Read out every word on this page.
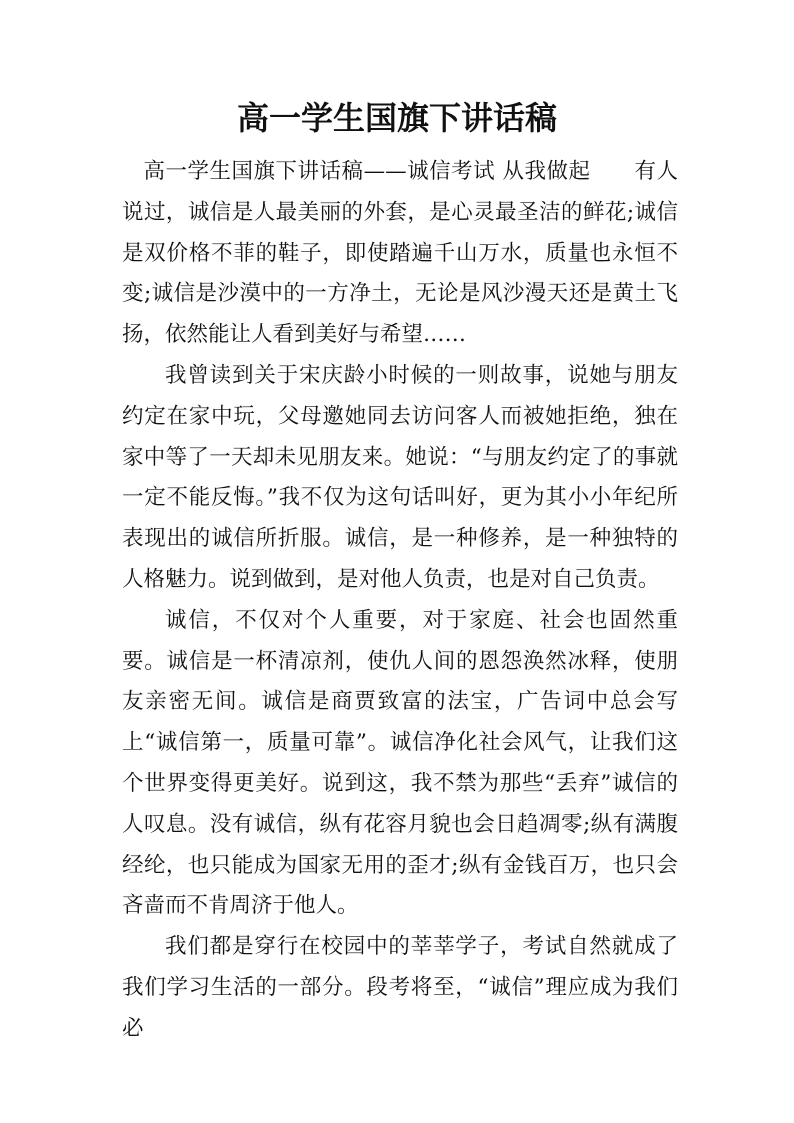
高一学生国旗下讲话稿

高一学生国旗下讲话稿——诚信考试 从我做起　　有人说过，诚信是人最美丽的外套，是心灵最圣洁的鲜花;诚信是双价格不菲的鞋子，即使踏遍千山万水，质量也永恒不变;诚信是沙漠中的一方净土，无论是风沙漫天还是黄土飞扬，依然能让人看到美好与希望……

我曾读到关于宋庆龄小时候的一则故事，说她与朋友约定在家中玩，父母邀她同去访问客人而被她拒绝，独在家中等了一天却未见朋友来。她说：“与朋友约定了的事就一定不能反悔。”我不仅为这句话叫好，更为其小小年纪所表现出的诚信所折服。诚信，是一种修养，是一种独特的人格魅力。说到做到，是对他人负责，也是对自己负责。

诚信，不仅对个人重要，对于家庭、社会也固然重要。诚信是一杯清凉剂，使仇人间的恩怨涣然冰释，使朋友亲密无间。诚信是商贾致富的法宝，广告词中总会写上“诚信第一，质量可靠”。诚信净化社会风气，让我们这个世界变得更美好。说到这，我不禁为那些“丢弃”诚信的人叹息。没有诚信，纵有花容月貌也会日趋凋零;纵有满腹经纶，也只能成为国家无用的歪才;纵有金钱百万，也只会吝啬而不肯周济于他人。

我们都是穿行在校园中的莘莘学子，考试自然就成了我们学习生活的一部分。段考将至，“诚信”理应成为我们必
